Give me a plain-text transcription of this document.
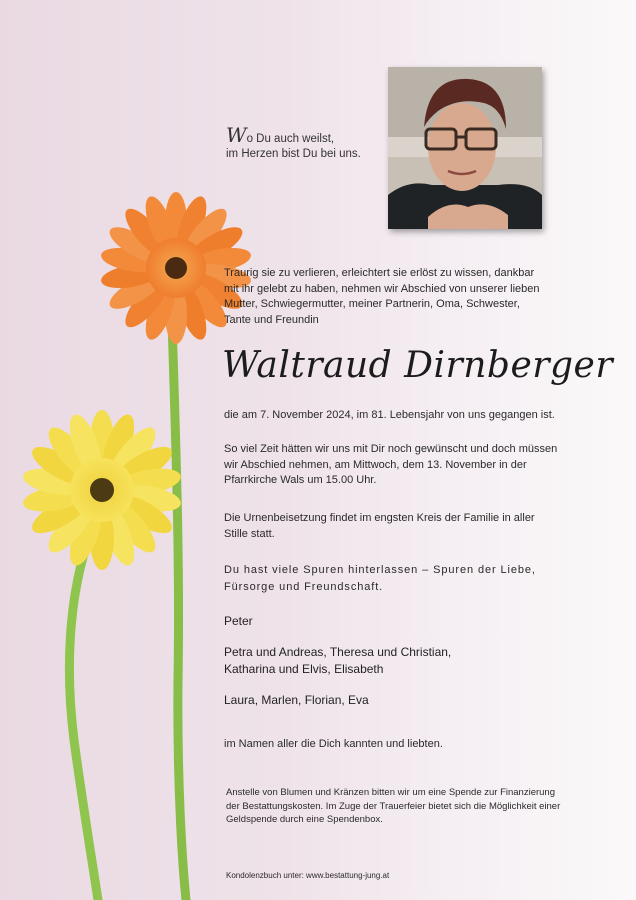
Wo Du auch weilst,
im Herzen bist Du bei uns.
Traurig sie zu verlieren, erleichtert sie erlöst zu wissen, dankbar
mit ihr gelebt zu haben, nehmen wir Abschied von unserer lieben
Mutter, Schwiegermutter, meiner Partnerin, Oma, Schwester,
Tante und Freundin
Waltraud Dirnberger
die am 7. November 2024, im 81. Lebensjahr von uns gegangen ist.
So viel Zeit hätten wir uns mit Dir noch gewünscht und doch müssen
wir Abschied nehmen, am Mittwoch, dem 13. November in der
Pfarrkirche Wals um 15.00 Uhr.
Die Urnenbeisetzung findet im engsten Kreis der Familie in aller
Stille statt.
Du hast viele Spuren hinterlassen – Spuren der Liebe,
Fürsorge und Freundschaft.
Peter
Petra und Andreas, Theresa und Christian,
Katharina und Elvis, Elisabeth
Laura, Marlen, Florian, Eva
im Namen aller die Dich kannten und liebten.
Anstelle von Blumen und Kränzen bitten wir um eine Spende zur Finanzierung
der Bestattungskosten. Im Zuge der Trauerfeier bietet sich die Möglichkeit einer
Geldspende durch eine Spendenbox.
Kondolenzbuch unter: www.bestattung-jung.at
